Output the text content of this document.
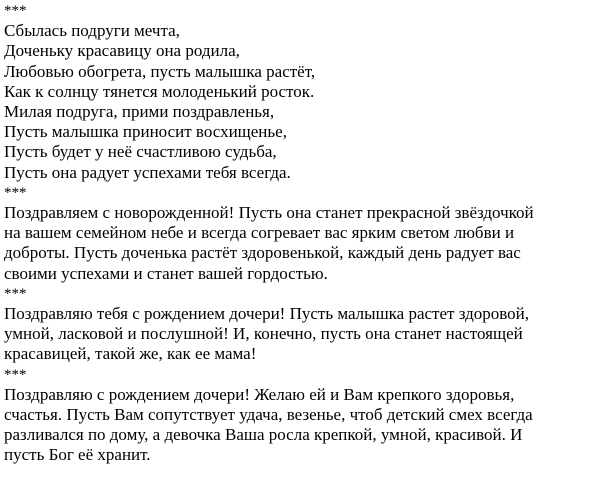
***
Сбылась подруги мечта,
Доченьку красавицу она родила,
Любовью обогрета, пусть малышка растёт,
Как к солнцу тянется молоденький росток.
Милая подруга, прими поздравленья,
Пусть малышка приносит восхищенье,
Пусть будет у неё счастливою судьба,
Пусть она радует успехами тебя всегда.
***
Поздравляем с новорожденной! Пусть она станет прекрасной звёздочкой
на вашем семейном небе и всегда согревает вас ярким светом любви и
доброты. Пусть доченька растёт здоровенькой, каждый день радует вас
своими успехами и станет вашей гордостью.
***
Поздравляю тебя с рождением дочери! Пусть малышка растет здоровой,
умной, ласковой и послушной! И, конечно, пусть она станет настоящей
красавицей, такой же, как ее мама!
***
Поздравляю с рождением дочери! Желаю ей и Вам крепкого здоровья,
счастья. Пусть Вам сопутствует удача, везенье, чтоб детский смех всегда
разливался по дому, а девочка Ваша росла крепкой, умной, красивой. И
пусть Бог её хранит.
